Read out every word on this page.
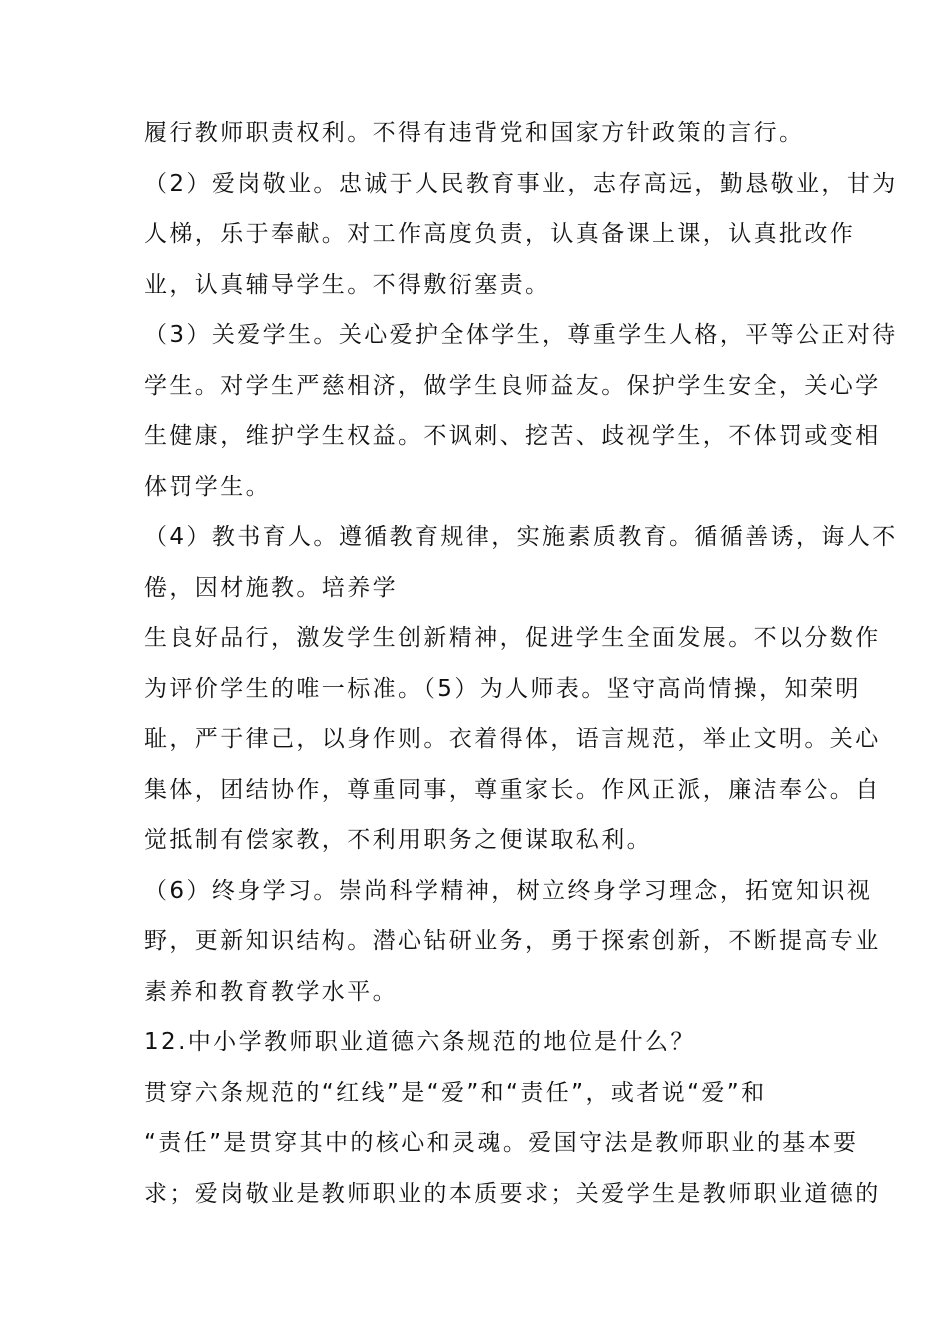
履行教师职责权利。不得有违背党和国家方针政策的言行。
（2）爱岗敬业。忠诚于人民教育事业，志存高远，勤恳敬业，甘为
人梯，乐于奉献。对工作高度负责，认真备课上课，认真批改作
业，认真辅导学生。不得敷衍塞责。
（3）关爱学生。关心爱护全体学生，尊重学生人格，平等公正对待
学生。对学生严慈相济，做学生良师益友。保护学生安全，关心学
生健康，维护学生权益。不讽刺、挖苦、歧视学生，不体罚或变相
体罚学生。
（4）教书育人。遵循教育规律，实施素质教育。循循善诱，诲人不
倦，因材施教。培养学
生良好品行，激发学生创新精神，促进学生全面发展。不以分数作
为评价学生的唯一标准。（5）为人师表。坚守高尚情操，知荣明
耻，严于律己，以身作则。衣着得体，语言规范，举止文明。关心
集体，团结协作，尊重同事，尊重家长。作风正派，廉洁奉公。自
觉抵制有偿家教，不利用职务之便谋取私利。
（6）终身学习。崇尚科学精神，树立终身学习理念，拓宽知识视
野，更新知识结构。潜心钻研业务，勇于探索创新，不断提高专业
素养和教育教学水平。
12.中小学教师职业道德六条规范的地位是什么？
贯穿六条规范的“红线”是“爱”和“责任”，或者说“爱”和
“责任”是贯穿其中的核心和灵魂。爱国守法是教师职业的基本要
求；爱岗敬业是教师职业的本质要求；关爱学生是教师职业道德的
